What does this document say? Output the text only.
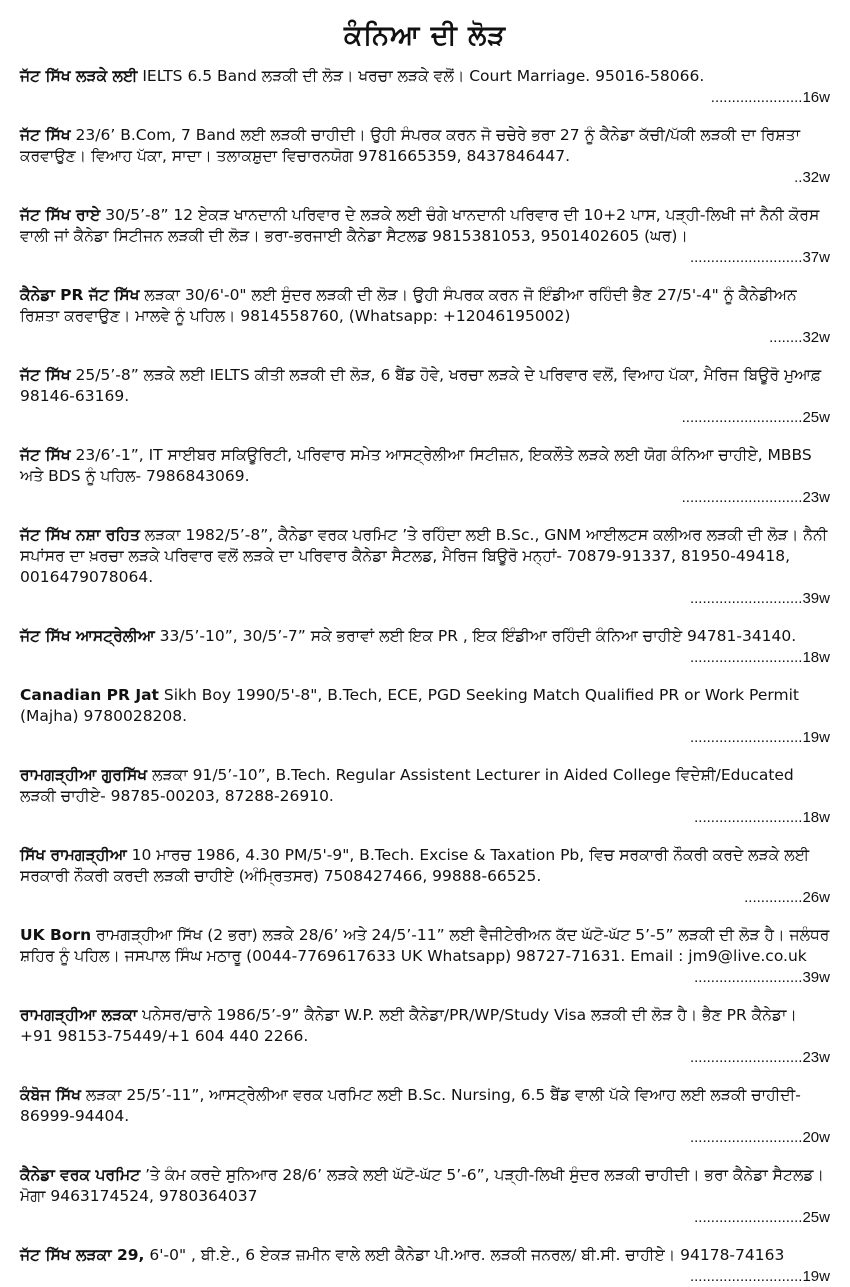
ਕੰਨਿਆ ਦੀ ਲੋੜ
ਜੱਟ ਸਿੱਖ ਲੜਕੇ ਲਈ IELTS 6.5 Band ਲੜਕੀ ਦੀ ਲੋੜ। ਖਰਚਾ ਲੜਕੇ ਵਲੋਂ। Court Marriage. 95016-58066.
......................16w
ਜੱਟ ਸਿੱਖ 23/6’ B.Com, 7 Band ਲਈ ਲੜਕੀ ਚਾਹੀਦੀ। ਉਹੀ ਸੰਪਰਕ ਕਰਨ ਜੋ ਚਚੇਰੇ ਭਰਾ 27 ਨੂੰ ਕੈਨੇਡਾ ਕੱਚੀ/ਪੱਕੀ ਲੜਕੀ ਦਾ ਰਿਸ਼ਤਾ ਕਰਵਾਉਣ। ਵਿਆਹ ਪੱਕਾ, ਸਾਦਾ। ਤਲਾਕਸ਼ੁਦਾ ਵਿਚਾਰਨਯੋਗ 9781665359, 8437846447.
..32w
ਜੱਟ ਸਿੱਖ ਰਾਏ 30/5’-8” 12 ਏਕੜ ਖਾਨਦਾਨੀ ਪਰਿਵਾਰ ਦੇ ਲੜਕੇ ਲਈ ਚੰਗੇ ਖਾਨਦਾਨੀ ਪਰਿਵਾਰ ਦੀ 10+2 ਪਾਸ, ਪੜ੍ਹੀ-ਲਿਖੀ ਜਾਂ ਨੈਨੀ ਕੋਰਸ ਵਾਲੀ ਜਾਂ ਕੈਨੇਡਾ ਸਿਟੀਜਨ ਲੜਕੀ ਦੀ ਲੋੜ। ਭਰਾ-ਭਰਜਾਈ ਕੈਨੇਡਾ ਸੈਟਲਡ 9815381053, 9501402605 (ਘਰ)।
...........................37w
ਕੈਨੇਡਾ PR ਜੱਟ ਸਿੱਖ ਲੜਕਾ 30/6'-0" ਲਈ ਸੁੰਦਰ ਲੜਕੀ ਦੀ ਲੋੜ। ਉਹੀ ਸੰਪਰਕ ਕਰਨ ਜੋ ਇੰਡੀਆ ਰਹਿੰਦੀ ਭੈਣ 27/5'-4" ਨੂੰ ਕੈਨੇਡੀਅਨ ਰਿਸ਼ਤਾ ਕਰਵਾਉਣ। ਮਾਲਵੇ ਨੂੰ ਪਹਿਲ। 9814558760, (Whatsapp: +12046195002)
........32w
ਜੱਟ ਸਿੱਖ 25/5’-8” ਲੜਕੇ ਲਈ IELTS ਕੀਤੀ ਲੜਕੀ ਦੀ ਲੋੜ, 6 ਬੈਂਡ ਹੋਵੇ, ਖਰਚਾ ਲੜਕੇ ਦੇ ਪਰਿਵਾਰ ਵਲੋਂ, ਵਿਆਹ ਪੱਕਾ, ਮੈਰਿਜ ਬਿਊਰੋ ਮੁਆਫ਼ 98146-63169.
.............................25w
ਜੱਟ ਸਿੱਖ 23/6’-1”, IT ਸਾਈਬਰ ਸਕਿਊਰਿਟੀ, ਪਰਿਵਾਰ ਸਮੇਤ ਆਸਟ੍ਰੇਲੀਆ ਸਿਟੀਜ਼ਨ, ਇਕਲੌਤੇ ਲੜਕੇ ਲਈ ਯੋਗ ਕੰਨਿਆ ਚਾਹੀਏ, MBBS ਅਤੇ BDS ਨੂੰ ਪਹਿਲ- 7986843069.
.............................23w
ਜੱਟ ਸਿੱਖ ਨਸ਼ਾ ਰਹਿਤ ਲੜਕਾ 1982/5’-8”, ਕੈਨੇਡਾ ਵਰਕ ਪਰਮਿਟ ’ਤੇ ਰਹਿੰਦਾ ਲਈ B.Sc., GNM ਆਈਲਟਸ ਕਲੀਅਰ ਲੜਕੀ ਦੀ ਲੋੜ। ਨੈਨੀ ਸਪਾਂਸਰ ਦਾ ਖ਼ਰਚਾ ਲੜਕੇ ਪਰਿਵਾਰ ਵਲੋਂ ਲੜਕੇ ਦਾ ਪਰਿਵਾਰ ਕੈਨੇਡਾ ਸੈਟਲਡ, ਮੈਰਿਜ ਬਿਊਰੋ ਮਨ੍ਹਾਂ- 70879-91337, 81950-49418, 0016479078064.
...........................39w
ਜੱਟ ਸਿੱਖ ਆਸਟ੍ਰੇਲੀਆ 33/5’-10”, 30/5’-7” ਸਕੇ ਭਰਾਵਾਂ ਲਈ ਇਕ PR , ਇਕ ਇੰਡੀਆ ਰਹਿੰਦੀ ਕੰਨਿਆ ਚਾਹੀਏ 94781-34140.
...........................18w
Canadian PR Jat Sikh Boy 1990/5'-8", B.Tech, ECE, PGD Seeking Match Qualified PR or Work Permit (Majha) 9780028208.
...........................19w
ਰਾਮਗੜ੍ਹੀਆ ਗੁਰਸਿੱਖ ਲੜਕਾ 91/5’-10”, B.Tech. Regular Assistent Lecturer in Aided College ਵਿਦੇਸ਼ੀ/Educated ਲੜਕੀ ਚਾਹੀਏ- 98785-00203, 87288-26910.
..........................18w
ਸਿੱਖ ਰਾਮਗੜ੍ਹੀਆ 10 ਮਾਰਚ 1986, 4.30 PM/5'-9", B.Tech. Excise & Taxation Pb, ਵਿਚ ਸਰਕਾਰੀ ਨੌਕਰੀ ਕਰਦੇ ਲੜਕੇ ਲਈ ਸਰਕਾਰੀ ਨੌਕਰੀ ਕਰਦੀ ਲੜਕੀ ਚਾਹੀਏ (ਅੰਮ੍ਰਿਤਸਰ) 7508427466, 99888-66525.
..............26w
UK Born ਰਾਮਗੜ੍ਹੀਆ ਸਿੱਖ (2 ਭਰਾ) ਲੜਕੇ 28/6’ ਅਤੇ 24/5’-11” ਲਈ ਵੈਜੀਟੇਰੀਅਨ ਕੱਦ ਘੱਟੋ-ਘੱਟ 5’-5” ਲੜਕੀ ਦੀ ਲੋੜ ਹੈ। ਜਲੰਧਰ ਸ਼ਹਿਰ ਨੂੰ ਪਹਿਲ। ਜਸਪਾਲ ਸਿੰਘ ਮਠਾਰੂ (0044-7769617633 UK Whatsapp) 98727-71631. Email : jm9@live.co.uk
..........................39w
ਰਾਮਗੜ੍ਹੀਆ ਲੜਕਾ ਪਨੇਸਰ/ਚਾਨੇ 1986/5’-9” ਕੈਨੇਡਾ W.P. ਲਈ ਕੈਨੇਡਾ/PR/WP/Study Visa ਲੜਕੀ ਦੀ ਲੋੜ ਹੈ। ਭੈਣ PR ਕੈਨੇਡਾ। +91 98153-75449/+1 604 440 2266.
...........................23w
ਕੰਬੋਜ ਸਿੱਖ ਲੜਕਾ 25/5’-11”, ਆਸਟ੍ਰੇਲੀਆ ਵਰਕ ਪਰਮਿਟ ਲਈ B.Sc. Nursing, 6.5 ਬੈਂਡ ਵਾਲੀ ਪੱਕੇ ਵਿਆਹ ਲਈ ਲੜਕੀ ਚਾਹੀਦੀ- 86999-94404.
...........................20w
ਕੈਨੇਡਾ ਵਰਕ ਪਰਮਿਟ ’ਤੇ ਕੰਮ ਕਰਦੇ ਸੁਨਿਆਰ 28/6’ ਲੜਕੇ ਲਈ ਘੱਟੋ-ਘੱਟ 5’-6”, ਪੜ੍ਹੀ-ਲਿਖੀ ਸੁੰਦਰ ਲੜਕੀ ਚਾਹੀਦੀ। ਭਰਾ ਕੈਨੇਡਾ ਸੈਟਲਡ। ਮੋਗਾ 9463174524, 9780364037
..........................25w
ਜੱਟ ਸਿੱਖ ਲੜਕਾ 29, 6'-0" , ਬੀ.ਏ., 6 ਏਕੜ ਜ਼ਮੀਨ ਵਾਲੇ ਲਈ ਕੈਨੇਡਾ ਪੀ.ਆਰ. ਲੜਕੀ ਜਨਰਲ/ ਬੀ.ਸੀ. ਚਾਹੀਏ। 94178-74163
...........................19w
